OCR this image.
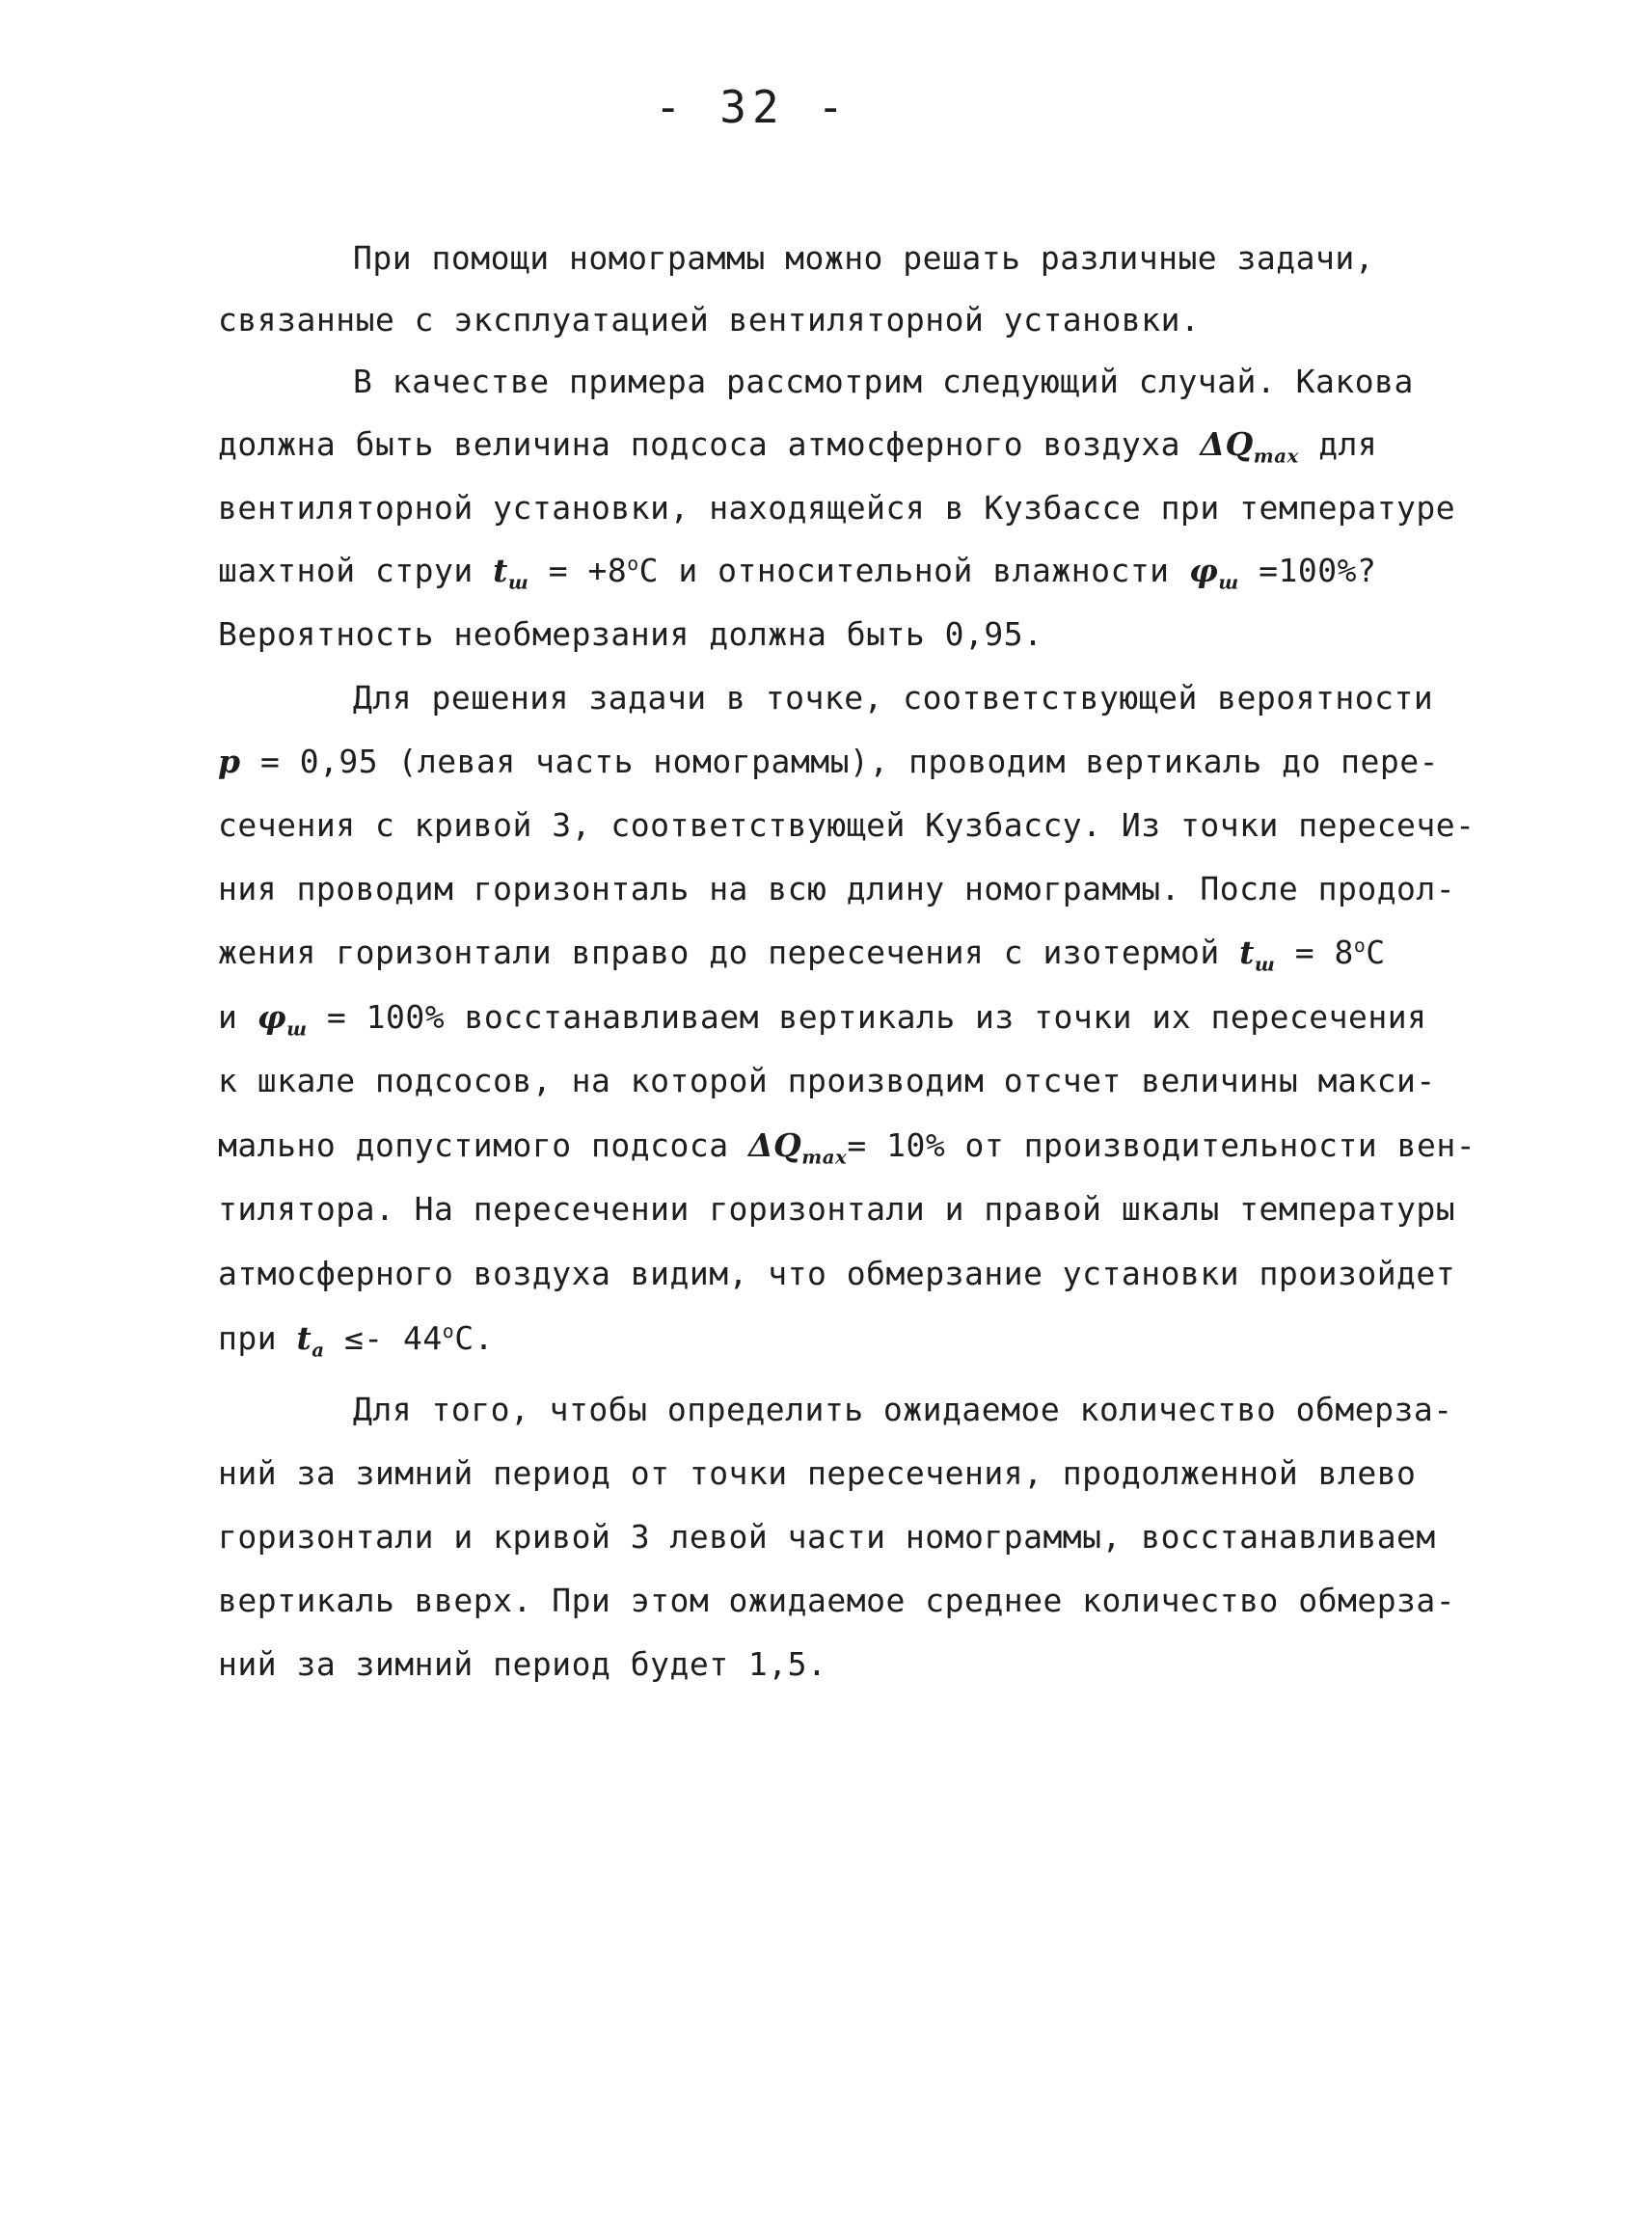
- 32 -
При помощи номограммы можно решать различные задачи,
связанные с эксплуатацией вентиляторной установки.
В качестве примера рассмотрим следующий случай. Какова
должна быть величина подсоса атмосферного воздуха $\Delta Q_{max}$ для
вентиляторной установки, находящейся в Кузбассе при температуре
шахтной струи $t_ш = +8^oС$ и относительной влажности $\varphi_ш =100\%$?
Вероятность необмерзания должна быть 0,95.
Для решения задачи в точке, соответствующей вероятности
p = 0,95 (левая часть номограммы), проводим вертикаль до пере-
сечения с кривой 3, соответствующей Кузбассу. Из точки пересече-
ния проводим горизонталь на всю длину номограммы. После продол-
жения горизонтали вправо до пересечения с изотермой $t_ш = 8^oС$
и $\varphi_ш = 100\%$ восстанавливаем вертикаль из точки их пересечения
к шкале подсосов, на которой производим отсчет величины макси-
мально допустимого подсоса $\Delta Q_{max}= 10\%$ от производительности вен-
тилятора. На пересечении горизонтали и правой шкалы температуры
атмосферного воздуха видим, что обмерзание установки произойдет
при $t_a \le- 44^oС$.
Для того, чтобы определить ожидаемое количество обмерза-
ний за зимний период от точки пересечения, продолженной влево
горизонтали и кривой 3 левой части номограммы, восстанавливаем
вертикаль вверх. При этом ожидаемое среднее количество обмерза-
ний за зимний период будет 1,5.
